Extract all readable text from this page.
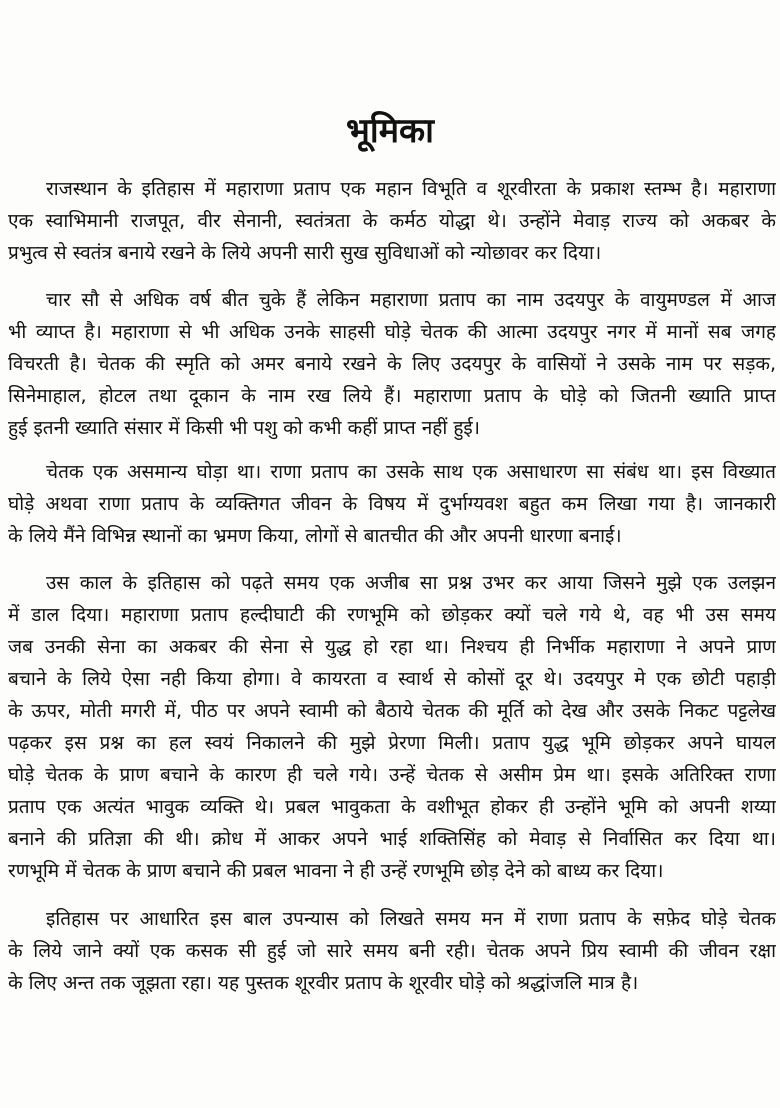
भूमिका
राजस्थान के इतिहास में महाराणा प्रताप एक महान विभूति व शूरवीरता के प्रकाश स्तम्भ है। महाराणा
एक स्वाभिमानी राजपूत, वीर सेनानी, स्वतंत्रता के कर्मठ योद्धा थे। उन्होंने मेवाड़ राज्य को अकबर के
प्रभुत्व से स्वतंत्र बनाये रखने के लिये अपनी सारी सुख सुविधाओं को न्योछावर कर दिया।
चार सौ से अधिक वर्ष बीत चुके हैं लेकिन महाराणा प्रताप का नाम उदयपुर के वायुमण्डल में आज
भी व्याप्त है। महाराणा से भी अधिक उनके साहसी घोड़े चेतक की आत्मा उदयपुर नगर में मानों सब जगह
विचरती है। चेतक की स्मृति को अमर बनाये रखने के लिए उदयपुर के वासियों ने उसके नाम पर सड़क,
सिनेमाहाल, होटल तथा दूकान के नाम रख लिये हैं। महाराणा प्रताप के घोड़े को जितनी ख्याति प्राप्त
हुई इतनी ख्याति संसार में किसी भी पशु को कभी कहीं प्राप्त नहीं हुई।
चेतक एक असमान्य घोड़ा था। राणा प्रताप का उसके साथ एक असाधारण सा संबंध था। इस विख्यात
घोड़े अथवा राणा प्रताप के व्यक्तिगत जीवन के विषय में दुर्भाग्यवश बहुत कम लिखा गया है। जानकारी
के लिये मैंने विभिन्न स्थानों का भ्रमण किया, लोगों से बातचीत की और अपनी धारणा बनाई।
उस काल के इतिहास को पढ़ते समय एक अजीब सा प्रश्न उभर कर आया जिसने मुझे एक उलझन
में डाल दिया। महाराणा प्रताप हल्दीघाटी की रणभूमि को छोड़कर क्यों चले गये थे, वह भी उस समय
जब उनकी सेना का अकबर की सेना से युद्ध हो रहा था। निश्चय ही निर्भीक महाराणा ने अपने प्राण
बचाने के लिये ऐसा नही किया होगा। वे कायरता व स्वार्थ से कोसों दूर थे। उदयपुर मे एक छोटी पहाड़ी
के ऊपर, मोती मगरी में, पीठ पर अपने स्वामी को बैठाये चेतक की मूर्ति को देख और उसके निकट पट्टलेख
पढ़कर इस प्रश्न का हल स्वयं निकालने की मुझे प्रेरणा मिली। प्रताप युद्ध भूमि छोड़कर अपने घायल
घोड़े चेतक के प्राण बचाने के कारण ही चले गये। उन्हें चेतक से असीम प्रेम था। इसके अतिरिक्त राणा
प्रताप एक अत्यंत भावुक व्यक्ति थे। प्रबल भावुकता के वशीभूत होकर ही उन्होंने भूमि को अपनी शय्या
बनाने की प्रतिज्ञा की थी। क्रोध में आकर अपने भाई शक्तिसिंह को मेवाड़ से निर्वासित कर दिया था।
रणभूमि में चेतक के प्राण बचाने की प्रबल भावना ने ही उन्हें रणभूमि छोड़ देने को बाध्य कर दिया।
इतिहास पर आधारित इस बाल उपन्यास को लिखते समय मन में राणा प्रताप के सफ़ेद घोड़े चेतक
के लिये जाने क्यों एक कसक सी हुई जो सारे समय बनी रही। चेतक अपने प्रिय स्वामी की जीवन रक्षा
के लिए अन्त तक जूझता रहा। यह पुस्तक शूरवीर प्रताप के शूरवीर घोड़े को श्रद्धांजलि मात्र है।
